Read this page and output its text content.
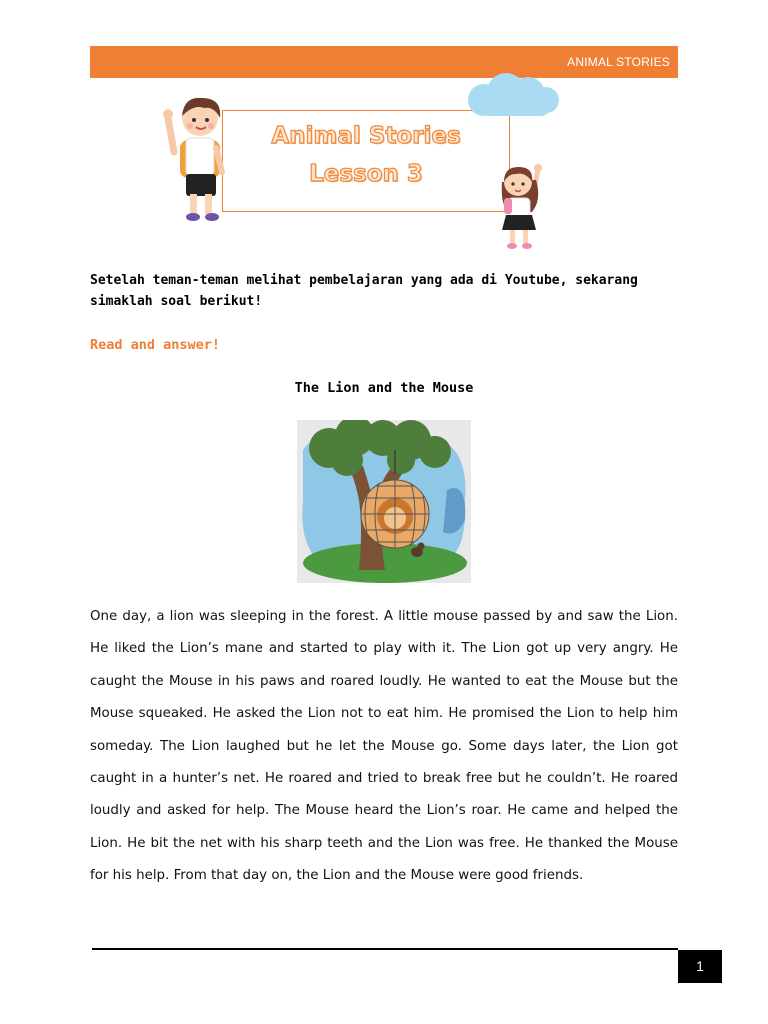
ANIMAL STORIES
Animal Stories
Lesson 3
Setelah teman-teman melihat pembelajaran yang ada di Youtube, sekarang simaklah soal berikut!
Read and answer!
The Lion and the Mouse
One day, a lion was sleeping in the forest. A little mouse passed by and saw the Lion. He liked the Lion’s mane and started to play with it. The Lion got up very angry. He caught the Mouse in his paws and roared loudly. He wanted to eat the Mouse but the Mouse squeaked. He asked the Lion not to eat him. He promised the Lion to help him someday. The Lion laughed but he let the Mouse go. Some days later, the Lion got caught in a hunter’s net. He roared and tried to break free but he couldn’t. He roared loudly and asked for help. The Mouse heard the Lion’s roar. He came and helped the Lion. He bit the net with his sharp teeth and the Lion was free. He thanked the Mouse for his help. From that day on, the Lion and the Mouse were good friends.
1
